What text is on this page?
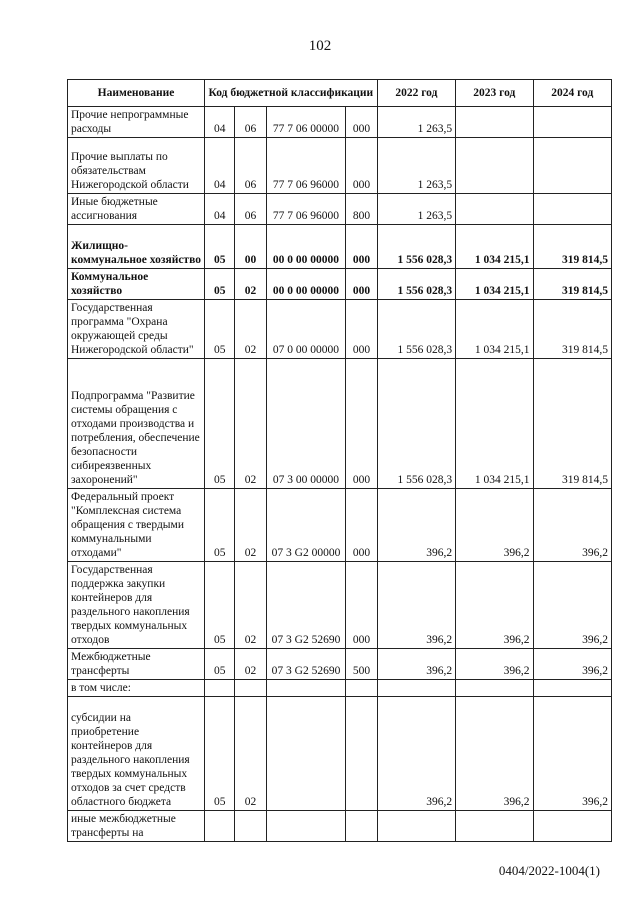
102
Наименование	Код бюджетной классификации				2022 год	2023 год	2024 год
Прочие непрограммные расходы	04	06	77 7 06 00000	000	1 263,5		
Прочие выплаты по обязательствам Нижегородской области	04	06	77 7 06 96000	000	1 263,5		
Иные бюджетные ассигнования	04	06	77 7 06 96000	800	1 263,5		
Жилищно-коммунальное хозяйство	05	00	00 0 00 00000	000	1 556 028,3	1 034 215,1	319 814,5
Коммунальное хозяйство	05	02	00 0 00 00000	000	1 556 028,3	1 034 215,1	319 814,5
Государственная программа "Охрана окружающей среды Нижегородской области"	05	02	07 0 00 00000	000	1 556 028,3	1 034 215,1	319 814,5
Подпрограмма "Развитие системы обращения с отходами производства и потребления, обеспечение безопасности сибиреязвенных захоронений"	05	02	07 3 00 00000	000	1 556 028,3	1 034 215,1	319 814,5
Федеральный проект "Комплексная система обращения с твердыми коммунальными отходами"	05	02	07 3 G2 00000	000	396,2	396,2	396,2
Государственная поддержка закупки контейнеров для раздельного накопления твердых коммунальных отходов	05	02	07 3 G2 52690	000	396,2	396,2	396,2
Межбюджетные трансферты	05	02	07 3 G2 52690	500	396,2	396,2	396,2
в том числе:							
субсидии на приобретение контейнеров для раздельного накопления твердых коммунальных отходов за счет средств областного бюджета	05	02			396,2	396,2	396,2
иные межбюджетные трансферты на							
0404/2022-1004(1)
